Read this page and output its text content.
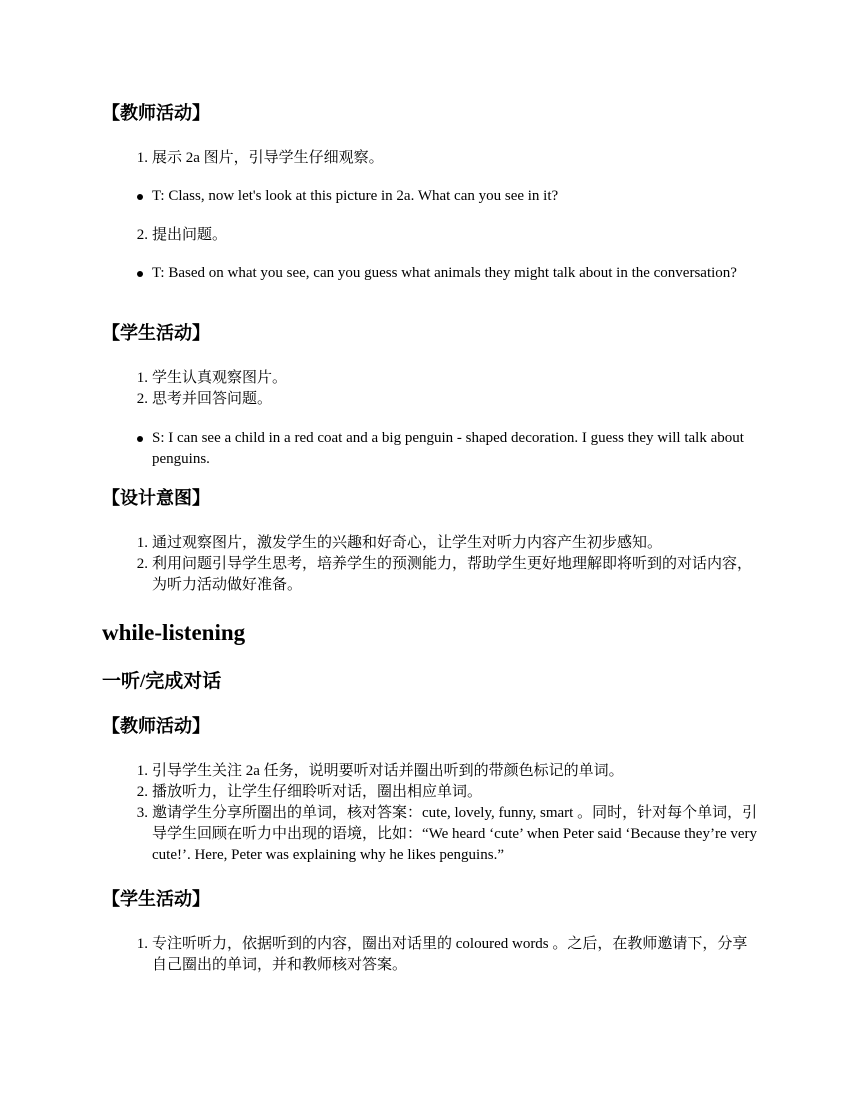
【教师活动】
1. 展示 2a 图片，引导学生仔细观察。
T: Class, now let's look at this picture in 2a. What can you see in it?
2. 提出问题。
T: Based on what you see, can you guess what animals they might talk about in the conversation?
【学生活动】
1. 学生认真观察图片。
2. 思考并回答问题。
S: I can see a child in a red coat and a big penguin - shaped decoration. I guess they will talk about penguins.
【设计意图】
1. 通过观察图片，激发学生的兴趣和好奇心，让学生对听力内容产生初步感知。
2. 利用问题引导学生思考，培养学生的预测能力，帮助学生更好地理解即将听到的对话内容，为听力活动做好准备。
while-listening
一听/完成对话
【教师活动】
1. 引导学生关注 2a 任务，说明要听对话并圈出听到的带颜色标记的单词。
2. 播放听力，让学生仔细聆听对话，圈出相应单词。
3. 邀请学生分享所圈出的单词，核对答案：cute, lovely, funny, smart 。同时，针对每个单词，引导学生回顾在听力中出现的语境，比如：“We heard ‘cute’ when Peter said ‘Because they’re very cute!’. Here, Peter was explaining why he likes penguins.”
【学生活动】
1. 专注听听力，依据听到的内容，圈出对话里的 coloured words 。之后，在教师邀请下，分享自己圈出的单词，并和教师核对答案。
